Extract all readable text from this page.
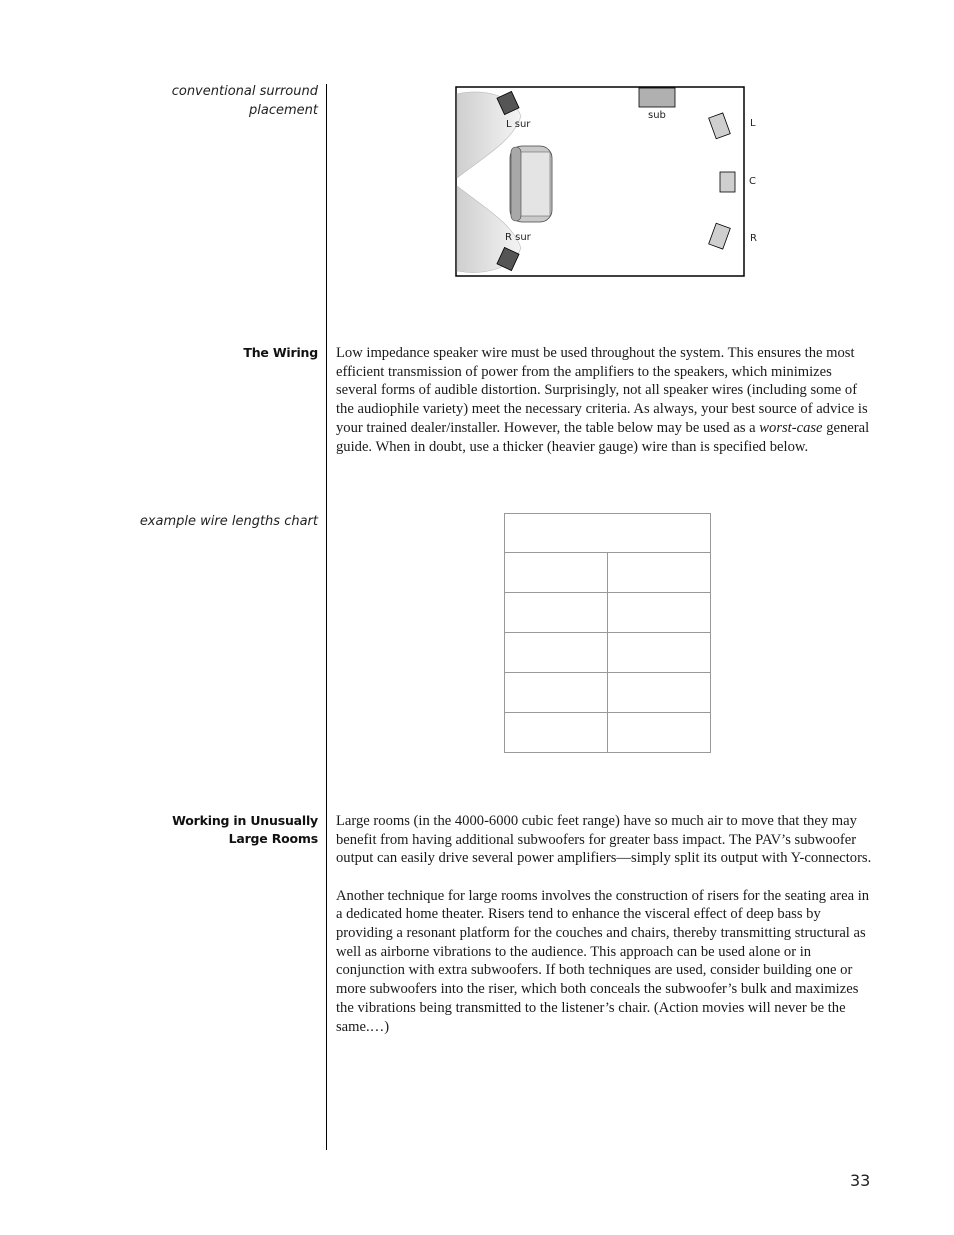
conventional surround
placement
The Wiring
example wire lengths chart
Working in Unusually
Large Rooms
L sur
R sur
sub
L
C
R

Low impedance speaker wire must be used throughout the system. This ensures the most efficient transmission of power from the amplifiers to the speakers, which minimizes several forms of audible distortion. Surprisingly, not all speaker wires (including some of the audiophile variety) meet the necessary criteria. As always, your best source of advice is your trained dealer/installer. However, the table below may be used as a worst-case general guide. When in doubt, use a thicker (heavier gauge) wire than is specified below.

Large rooms (in the 4000-6000 cubic feet range) have so much air to move that they may benefit from having additional subwoofers for greater bass impact. The PAV’s subwoofer output can easily drive several power amplifiers—simply split its output with Y-connectors.

Another technique for large rooms involves the construction of risers for the seating area in a dedicated home theater. Risers tend to enhance the visceral effect of deep bass by providing a resonant platform for the couches and chairs, thereby transmitting structural as well as airborne vibrations to the audience. This approach can be used alone or in conjunction with extra subwoofers. If both techniques are used, consider building one or more subwoofers into the riser, which both conceals the subwoofer’s bulk and maximizes the vibrations being transmitted to the listener’s chair. (Action movies will never be the same.…)

33
